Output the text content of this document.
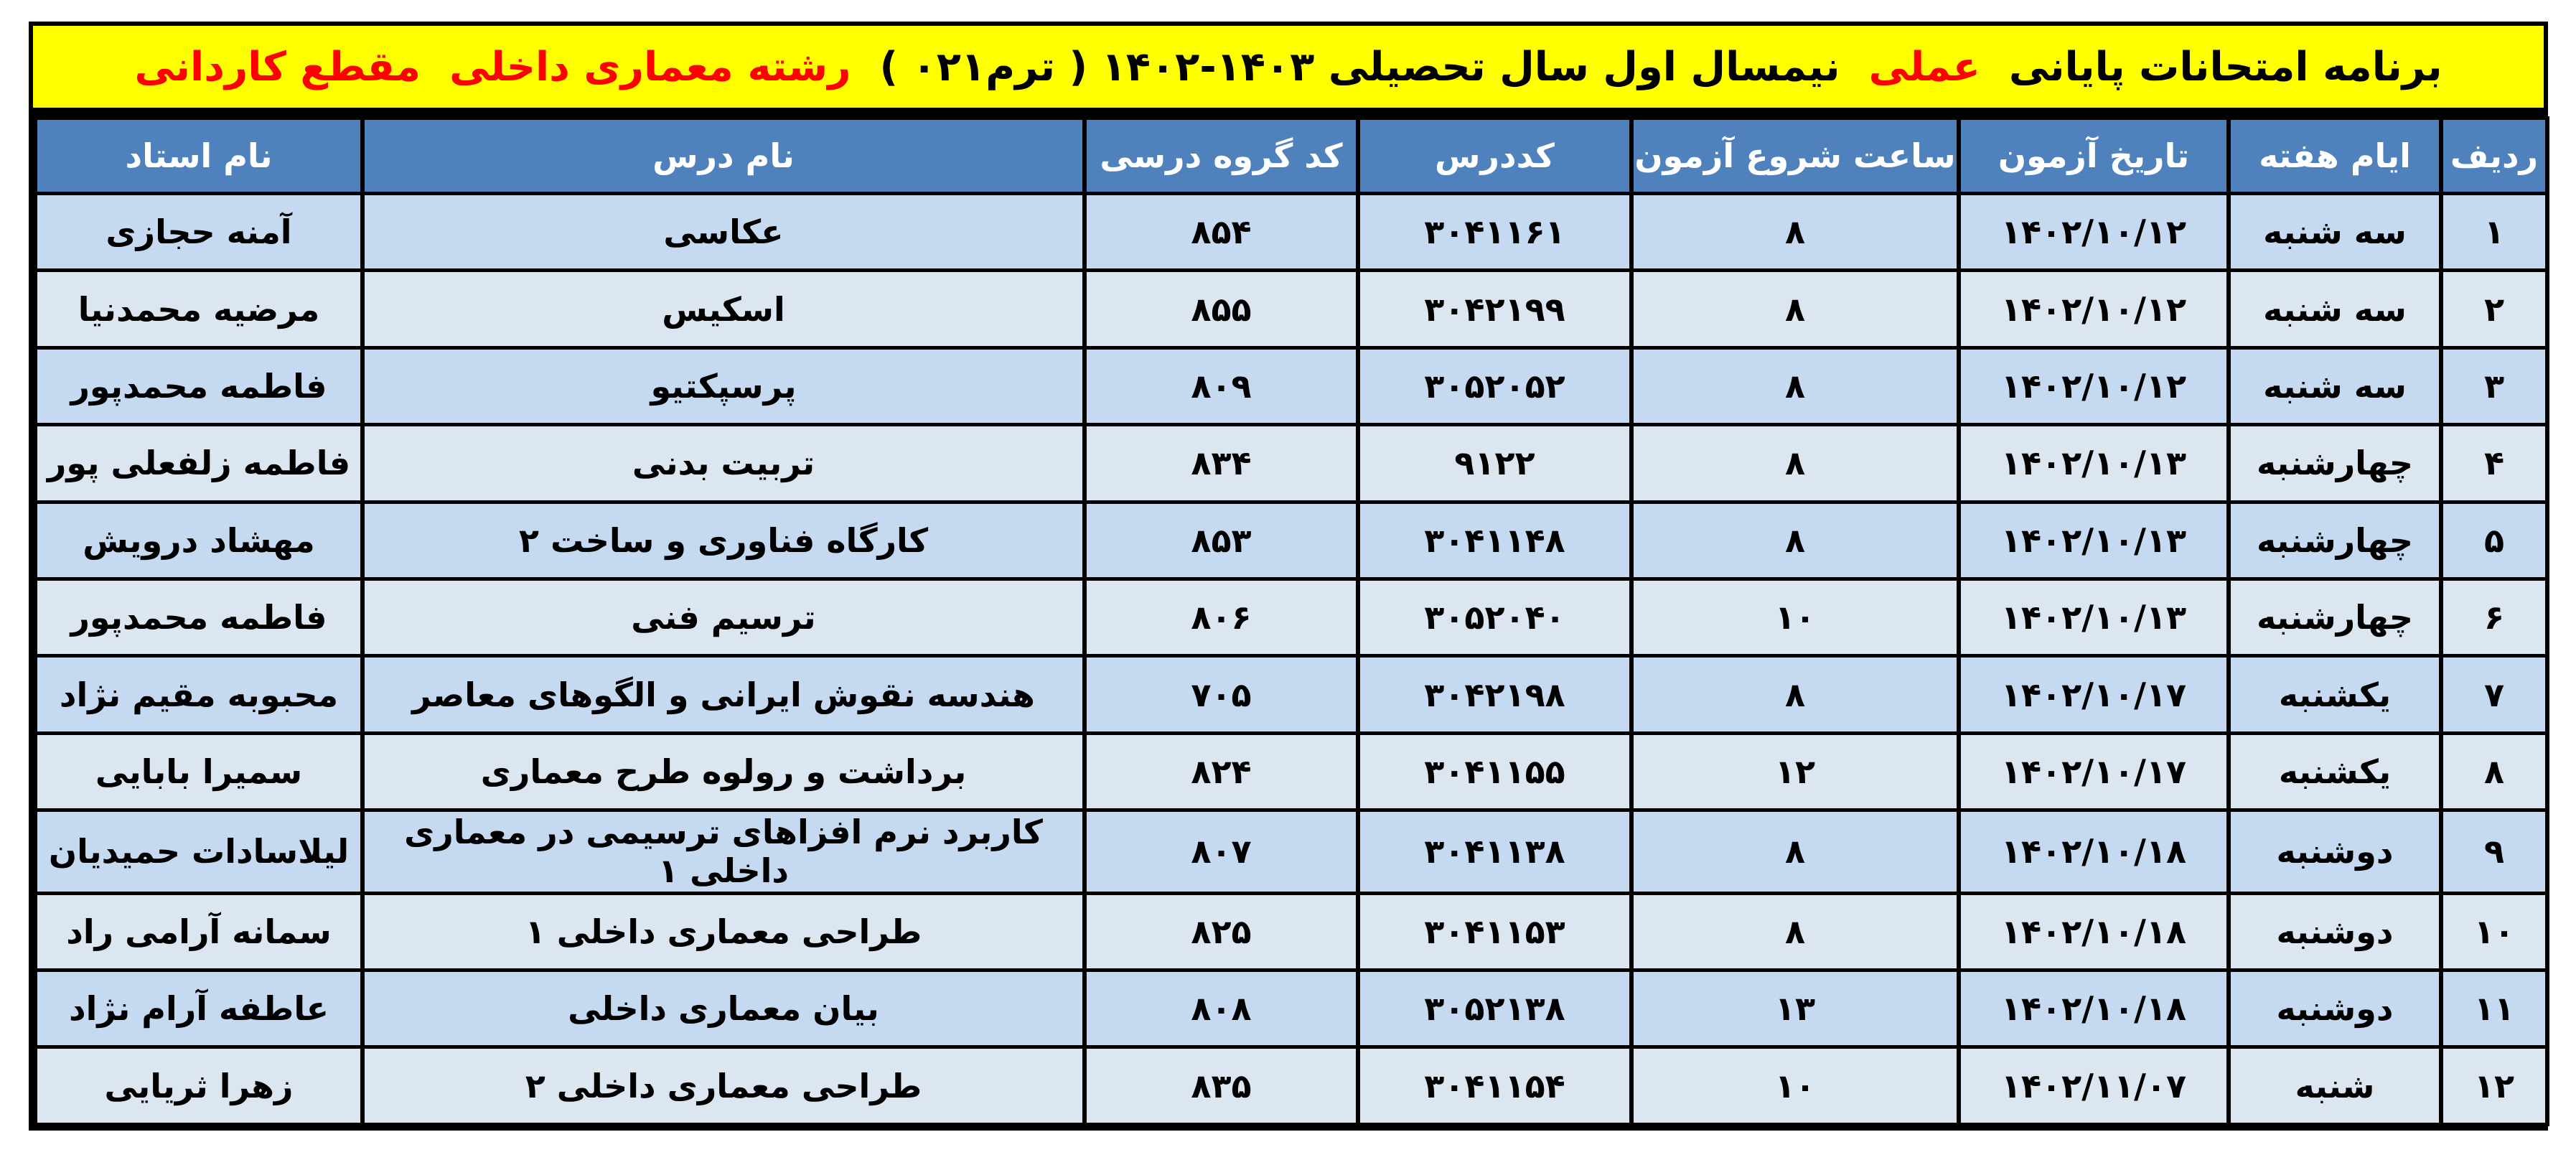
برنامه امتحانات پایانی
عملی
نیمسال اول سال تحصیلی ۱۴۰۳-۱۴۰۲ ( ترم۰۲۱ )
رشته معماری داخلی
مقطع کاردانی
ردیف	ایام هفته	تاریخ آزمون	ساعت شروع آزمون	کددرس	کد گروه درسی	نام درس	نام استاد
۱	سه شنبه	۱۴۰۲/۱۰/۱۲	۸	۳۰۴۱۱۶۱	۸۵۴	عکاسی	آمنه حجازی
۲	سه شنبه	۱۴۰۲/۱۰/۱۲	۸	۳۰۴۲۱۹۹	۸۵۵	اسکیس	مرضیه محمدنیا
۳	سه شنبه	۱۴۰۲/۱۰/۱۲	۸	۳۰۵۲۰۵۲	۸۰۹	پرسپکتیو	فاطمه محمدپور
۴	چهارشنبه	۱۴۰۲/۱۰/۱۳	۸	۹۱۲۲	۸۳۴	تربیت بدنی	فاطمه زلفعلی پور
۵	چهارشنبه	۱۴۰۲/۱۰/۱۳	۸	۳۰۴۱۱۴۸	۸۵۳	کارگاه فناوری و ساخت ۲	مهشاد درویش
۶	چهارشنبه	۱۴۰۲/۱۰/۱۳	۱۰	۳۰۵۲۰۴۰	۸۰۶	ترسیم فنی	فاطمه محمدپور
۷	یکشنبه	۱۴۰۲/۱۰/۱۷	۸	۳۰۴۲۱۹۸	۷۰۵	هندسه نقوش ایرانی و الگوهای معاصر	محبوبه مقیم نژاد
۸	یکشنبه	۱۴۰۲/۱۰/۱۷	۱۲	۳۰۴۱۱۵۵	۸۲۴	برداشت و رولوه طرح معماری	سمیرا بابایی
۹	دوشنبه	۱۴۰۲/۱۰/۱۸	۸	۳۰۴۱۱۳۸	۸۰۷	کاربرد نرم افزاهای ترسیمی در معماری داخلی ۱	لیلاسادات حمیدیان
۱۰	دوشنبه	۱۴۰۲/۱۰/۱۸	۸	۳۰۴۱۱۵۳	۸۲۵	طراحی معماری داخلی ۱	سمانه آرامی راد
۱۱	دوشنبه	۱۴۰۲/۱۰/۱۸	۱۳	۳۰۵۲۱۳۸	۸۰۸	بیان معماری داخلی	عاطفه آرام نژاد
۱۲	شنبه	۱۴۰۲/۱۱/۰۷	۱۰	۳۰۴۱۱۵۴	۸۳۵	طراحی معماری داخلی ۲	زهرا ثریایی
